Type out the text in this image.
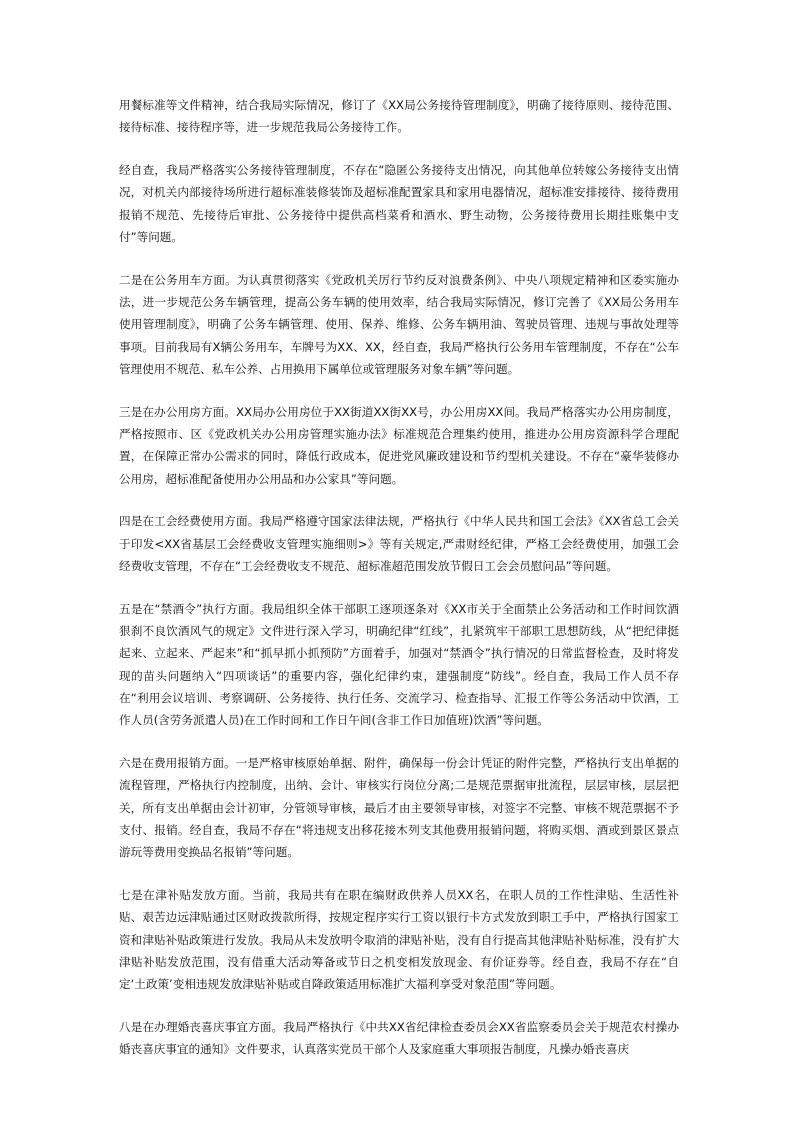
用餐标准等文件精神，结合我局实际情况，修订了《XX局公务接待管理制度》，明确了接待原则、接待范围、接待标准、接待程序等，进一步规范我局公务接待工作。

经自查，我局严格落实公务接待管理制度，不存在“隐匿公务接待支出情况，向其他单位转嫁公务接待支出情况，对机关内部接待场所进行超标准装修装饰及超标准配置家具和家用电器情况，超标准安排接待、接待费用报销不规范、先接待后审批、公务接待中提供高档菜肴和酒水、野生动物，公务接待费用长期挂账集中支付”等问题。

二是在公务用车方面。为认真贯彻落实《党政机关厉行节约反对浪费条例》、中央八项规定精神和区委实施办法，进一步规范公务车辆管理，提高公务车辆的使用效率，结合我局实际情况，修订完善了《XX局公务用车使用管理制度》，明确了公务车辆管理、使用、保养、维修、公务车辆用油、驾驶员管理、违规与事故处理等事项。目前我局有X辆公务用车，车牌号为XX、XX，经自查，我局严格执行公务用车管理制度，不存在“公车管理使用不规范、私车公养、占用换用下属单位或管理服务对象车辆”等问题。

三是在办公用房方面。XX局办公用房位于XX街道XX街XX号，办公用房XX间。我局严格落实办公用房制度，严格按照市、区《党政机关办公用房管理实施办法》标准规范合理集约使用，推进办公用房资源科学合理配置，在保障正常办公需求的同时，降低行政成本，促进党风廉政建设和节约型机关建设。不存在“豪华装修办公用房，超标准配备使用办公用品和办公家具”等问题。

四是在工会经费使用方面。我局严格遵守国家法律法规，严格执行《中华人民共和国工会法》《XX省总工会关于印发<XX省基层工会经费收支管理实施细则>》等有关规定,严肃财经纪律，严格工会经费使用，加强工会经费收支管理，不存在“工会经费收支不规范、超标准超范围发放节假日工会会员慰问品”等问题。

五是在“禁酒令”执行方面。我局组织全体干部职工逐项逐条对《XX市关于全面禁止公务活动和工作时间饮酒狠刹不良饮酒风气的规定》文件进行深入学习，明确纪律“红线”，扎紧筑牢干部职工思想防线，从“把纪律挺起来、立起来、严起来”和“抓早抓小抓预防”方面着手，加强对“禁酒令”执行情况的日常监督检查，及时将发现的苗头问题纳入“四项谈话”的重要内容，强化纪律约束，建强制度“防线”。经自查，我局工作人员不存在“利用会议培训、考察调研、公务接待、执行任务、交流学习、检查指导、汇报工作等公务活动中饮酒，工作人员(含劳务派遣人员)在工作时间和工作日午间(含非工作日加值班)饮酒”等问题。

六是在费用报销方面。一是严格审核原始单据、附件，确保每一份会计凭证的附件完整，严格执行支出单据的流程管理，严格执行内控制度，出纳、会计、审核实行岗位分离;二是规范票据审批流程，层层审核，层层把关，所有支出单据由会计初审，分管领导审核，最后才由主要领导审核，对签字不完整、审核不规范票据不予支付、报销。经自查，我局不存在“将违规支出移花接木列支其他费用报销问题，将购买烟、酒或到景区景点游玩等费用变换品名报销”等问题。

七是在津补贴发放方面。当前，我局共有在职在编财政供养人员XX名，在职人员的工作性津贴、生活性补贴、艰苦边远津贴通过区财政拨款所得，按规定程序实行工资以银行卡方式发放到职工手中，严格执行国家工资和津贴补贴政策进行发放。我局从未发放明令取消的津贴补贴，没有自行提高其他津贴补贴标准，没有扩大津贴补贴发放范围，没有借重大活动筹备或节日之机变相发放现金、有价证券等。经自查，我局不存在“自定‘土政策’变相违规发放津贴补贴或自降政策适用标准扩大福利享受对象范围”等问题。

八是在办理婚丧喜庆事宜方面。我局严格执行《中共XX省纪律检查委员会XX省监察委员会关于规范农村操办婚丧喜庆事宜的通知》文件要求，认真落实党员干部个人及家庭重大事项报告制度，凡操办婚丧喜庆
